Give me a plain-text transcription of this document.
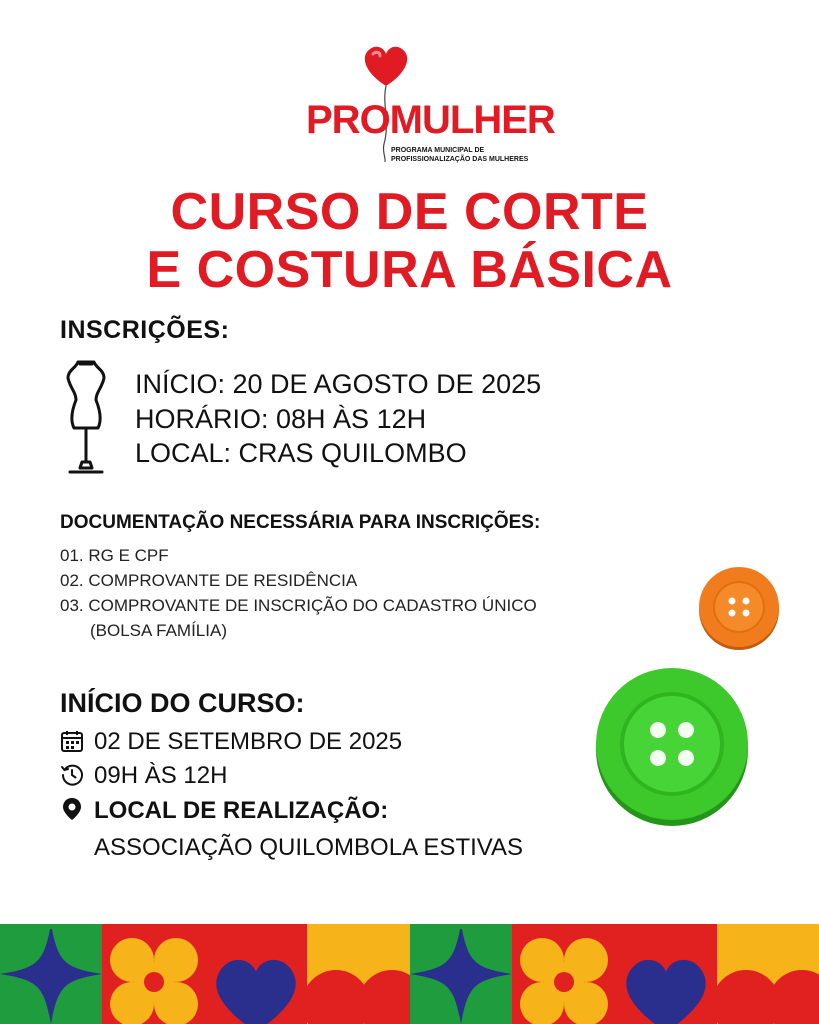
PROMULHER
PROGRAMA MUNICIPAL DE
PROFISSIONALIZAÇÃO DAS MULHERES
CURSO DE CORTE
E COSTURA BÁSICA
INSCRIÇÕES:
INÍCIO: 20 DE AGOSTO DE 2025
HORÁRIO: 08H ÀS 12H
LOCAL: CRAS QUILOMBO
DOCUMENTAÇÃO NECESSÁRIA PARA INSCRIÇÕES:
01. RG E CPF
02. COMPROVANTE DE RESIDÊNCIA
03. COMPROVANTE DE INSCRIÇÃO DO CADASTRO ÚNICO
(BOLSA FAMÍLIA)
INÍCIO DO CURSO:
02 DE SETEMBRO DE 2025
09H ÀS 12H
LOCAL DE REALIZAÇÃO:
ASSOCIAÇÃO QUILOMBOLA ESTIVAS
